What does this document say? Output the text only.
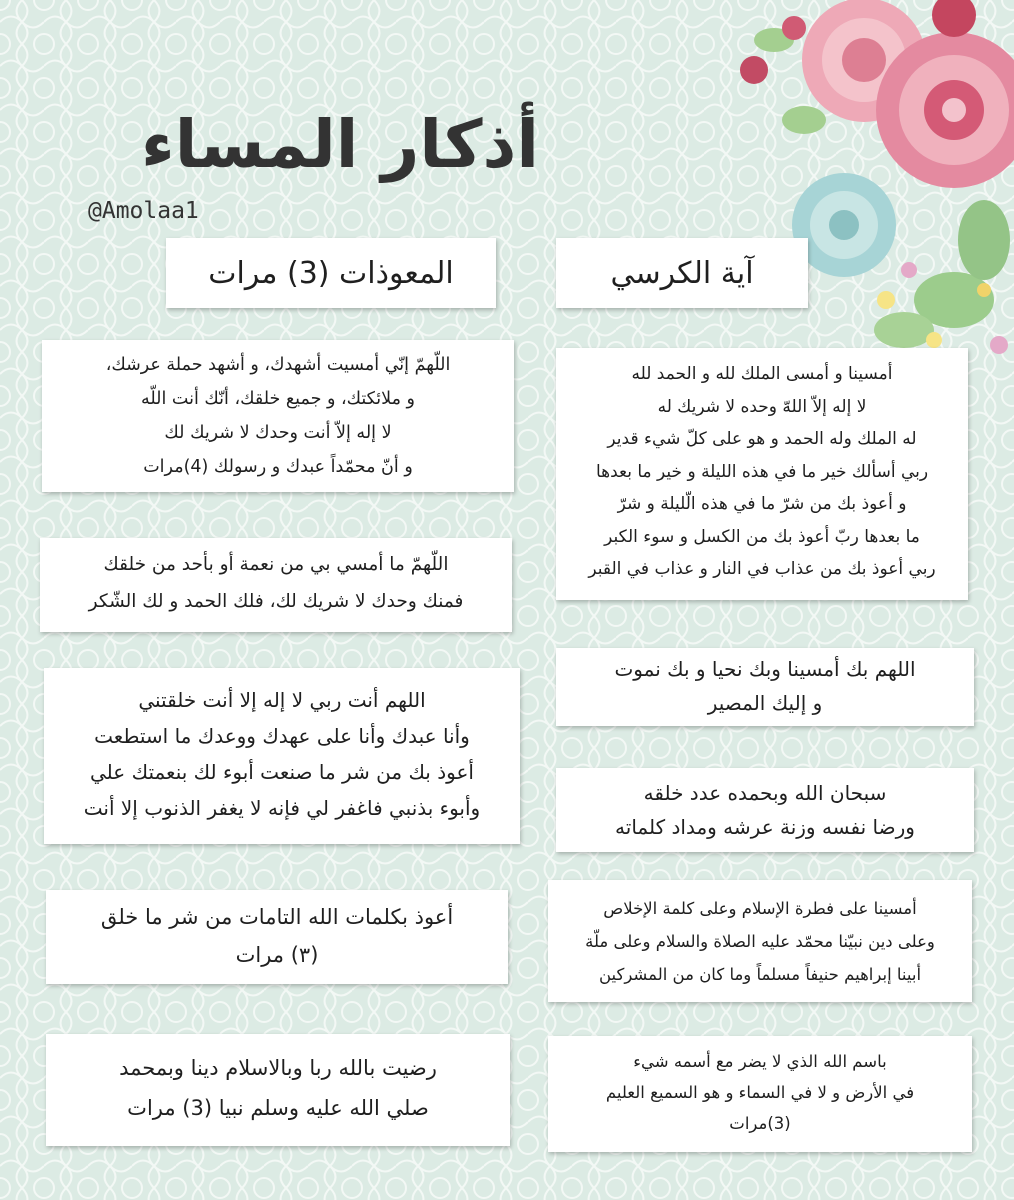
أذكار المساء
@Amolaa1
آية الكرسي
المعوذات (3) مرات
أمسينا و أمسى الملك لله و الحمد لله
لا إله إلاّ اللهّ وحده لا شريك له
له الملك وله الحمد و هو على كلّ شيء قدير
ربي أسألك خير ما في هذه الليلة و خير ما بعدها
و أعوذ بك من شرّ ما في هذه الّليلة و شرّ
ما بعدها ربّ أعوذ بك من الكسل و سوء الكبر
ربي أعوذ بك من عذاب في النار و عذاب في القبر
اللهم بك أمسينا وبك نحيا و بك نموت
و إليك المصير
سبحان الله وبحمده عدد خلقه
ورضا نفسه وزنة عرشه ومداد كلماته
أمسينا على فطرة الإسلام وعلى كلمة الإخلاص
وعلى دين نبيّنا محمّد عليه الصلاة والسلام وعلى ملّة
أبينا إبراهيم حنيفاً مسلماً وما كان من المشركين
باسم الله الذي لا يضر مع أسمه شيء
في الأرض و لا في السماء و هو السميع العليم
(3)مرات
اللّهمّ إنّي أمسيت أشهدك، و أشهد حملة عرشك،
و ملائكتك، و جميع خلقك، أنّك أنت اللّه
لا إله إلاّ أنت وحدك لا شريك لك
و أنّ محمّداً عبدك و رسولك (4)مرات
اللّهمّ ما أمسي بي من نعمة أو بأحد من خلقك
فمنك وحدك لا شريك لك، فلك الحمد و لك الشّكر
اللهم أنت ربي لا إله إلا أنت خلقتني
وأنا عبدك وأنا على عهدك ووعدك ما استطعت
أعوذ بك من شر ما صنعت أبوء لك بنعمتك علي
وأبوء بذنبي فاغفر لي فإنه لا يغفر الذنوب إلا أنت
أعوذ بكلمات الله التامات من شر ما خلق
(٣) مرات
رضيت بالله ربا وبالاسلام دينا وبمحمد
صلي الله عليه وسلم نبيا (3) مرات
